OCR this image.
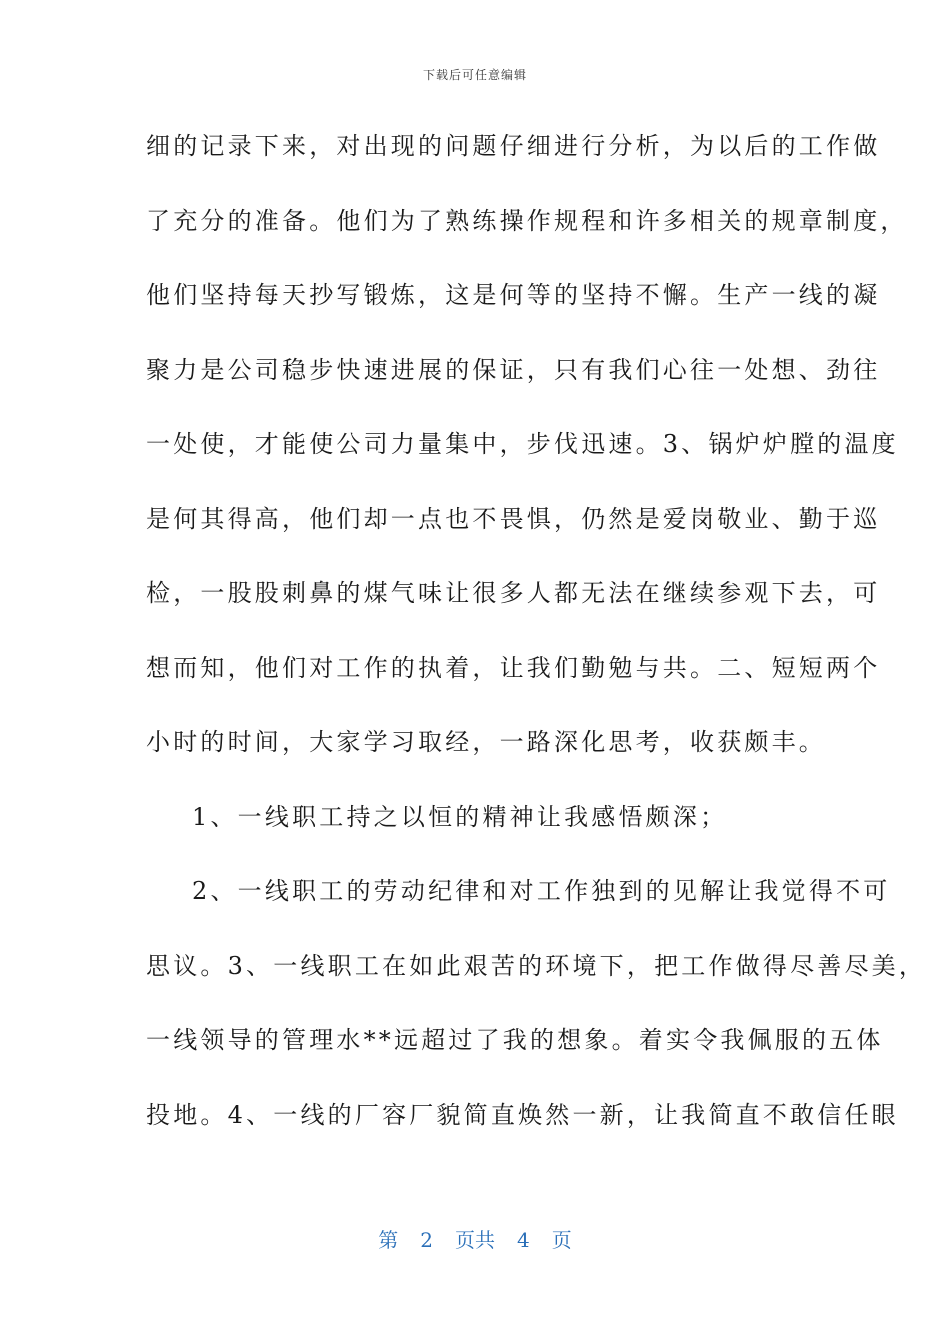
下载后可任意编辑
细的记录下来，对出现的问题仔细进行分析，为以后的工作做
了充分的准备。他们为了熟练操作规程和许多相关的规章制度，
他们坚持每天抄写锻炼，这是何等的坚持不懈。生产一线的凝
聚力是公司稳步快速进展的保证，只有我们心往一处想、劲往
一处使，才能使公司力量集中，步伐迅速。3、锅炉炉膛的温度
是何其得高，他们却一点也不畏惧，仍然是爱岗敬业、勤于巡
检，一股股刺鼻的煤气味让很多人都无法在继续参观下去，可
想而知，他们对工作的执着，让我们勤勉与共。二、短短两个
小时的时间，大家学习取经，一路深化思考，收获颇丰。
1、一线职工持之以恒的精神让我感悟颇深；
2、一线职工的劳动纪律和对工作独到的见解让我觉得不可
思议。3、一线职工在如此艰苦的环境下，把工作做得尽善尽美，
一线领导的管理水**远超过了我的想象。着实令我佩服的五体
投地。4、一线的厂容厂貌简直焕然一新，让我简直不敢信任眼
第 2 页共 4 页
